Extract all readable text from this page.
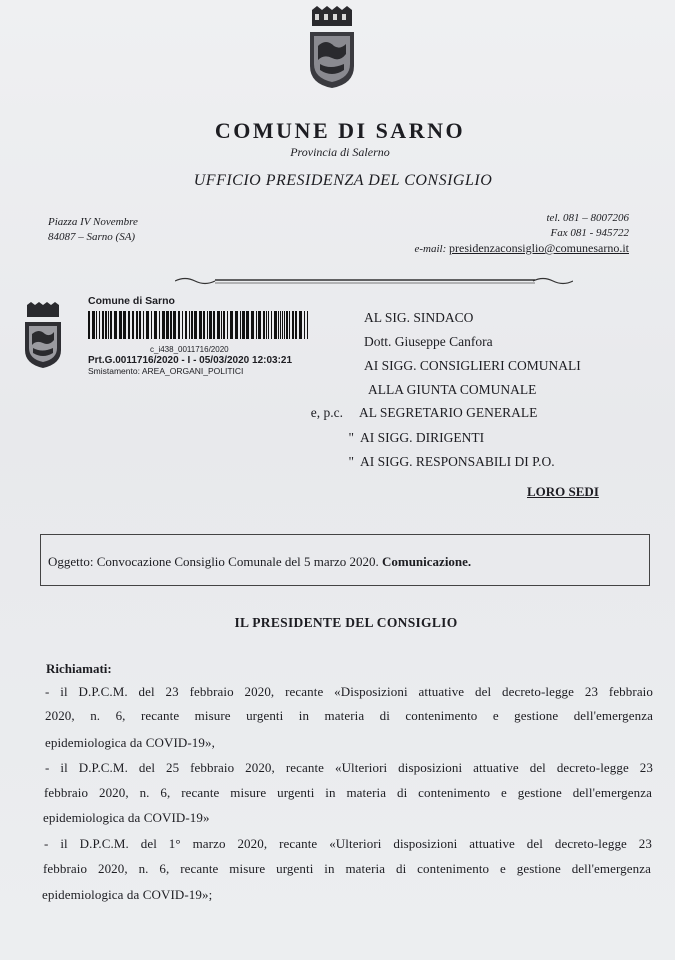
COMUNE DI SARNO
Provincia di Salerno
UFFICIO PRESIDENZA DEL CONSIGLIO
Piazza IV Novembre
84087 – Sarno (SA)
tel. 081 – 8007206
Fax 081 - 945722
e-mail: presidenzaconsiglio@comunesarno.it
Comune di Sarno
c_i438_0011716/2020
Prt.G.0011716/2020 - I - 05/03/2020 12:03:21
Smistamento: AREA_ORGANI_POLITICI
AL SIG. SINDACO
Dott. Giuseppe Canfora
AI SIGG. CONSIGLIERI COMUNALI
ALLA GIUNTA COMUNALE
AL SEGRETARIO GENERALE
e, p.c.
AI SIGG. DIRIGENTI
"
AI SIGG. RESPONSABILI DI P.O.
"
LORO SEDI
Oggetto: Convocazione Consiglio Comunale del 5 marzo 2020. Comunicazione.
IL PRESIDENTE DEL CONSIGLIO
Richiamati:
- il D.P.C.M. del 23 febbraio 2020, recante «Disposizioni attuative del decreto-legge 23 febbraio
2020, n. 6, recante misure urgenti in materia di contenimento e gestione dell'emergenza
epidemiologica da COVID-19»,
- il D.P.C.M. del 25 febbraio 2020, recante «Ulteriori disposizioni attuative del decreto-legge 23
febbraio 2020, n. 6, recante misure urgenti in materia di contenimento e gestione dell'emergenza
epidemiologica da COVID-19»
- il D.P.C.M. del 1° marzo 2020, recante «Ulteriori disposizioni attuative del decreto-legge 23
febbraio 2020, n. 6, recante misure urgenti in materia di contenimento e gestione dell'emergenza
epidemiologica da COVID-19»;
